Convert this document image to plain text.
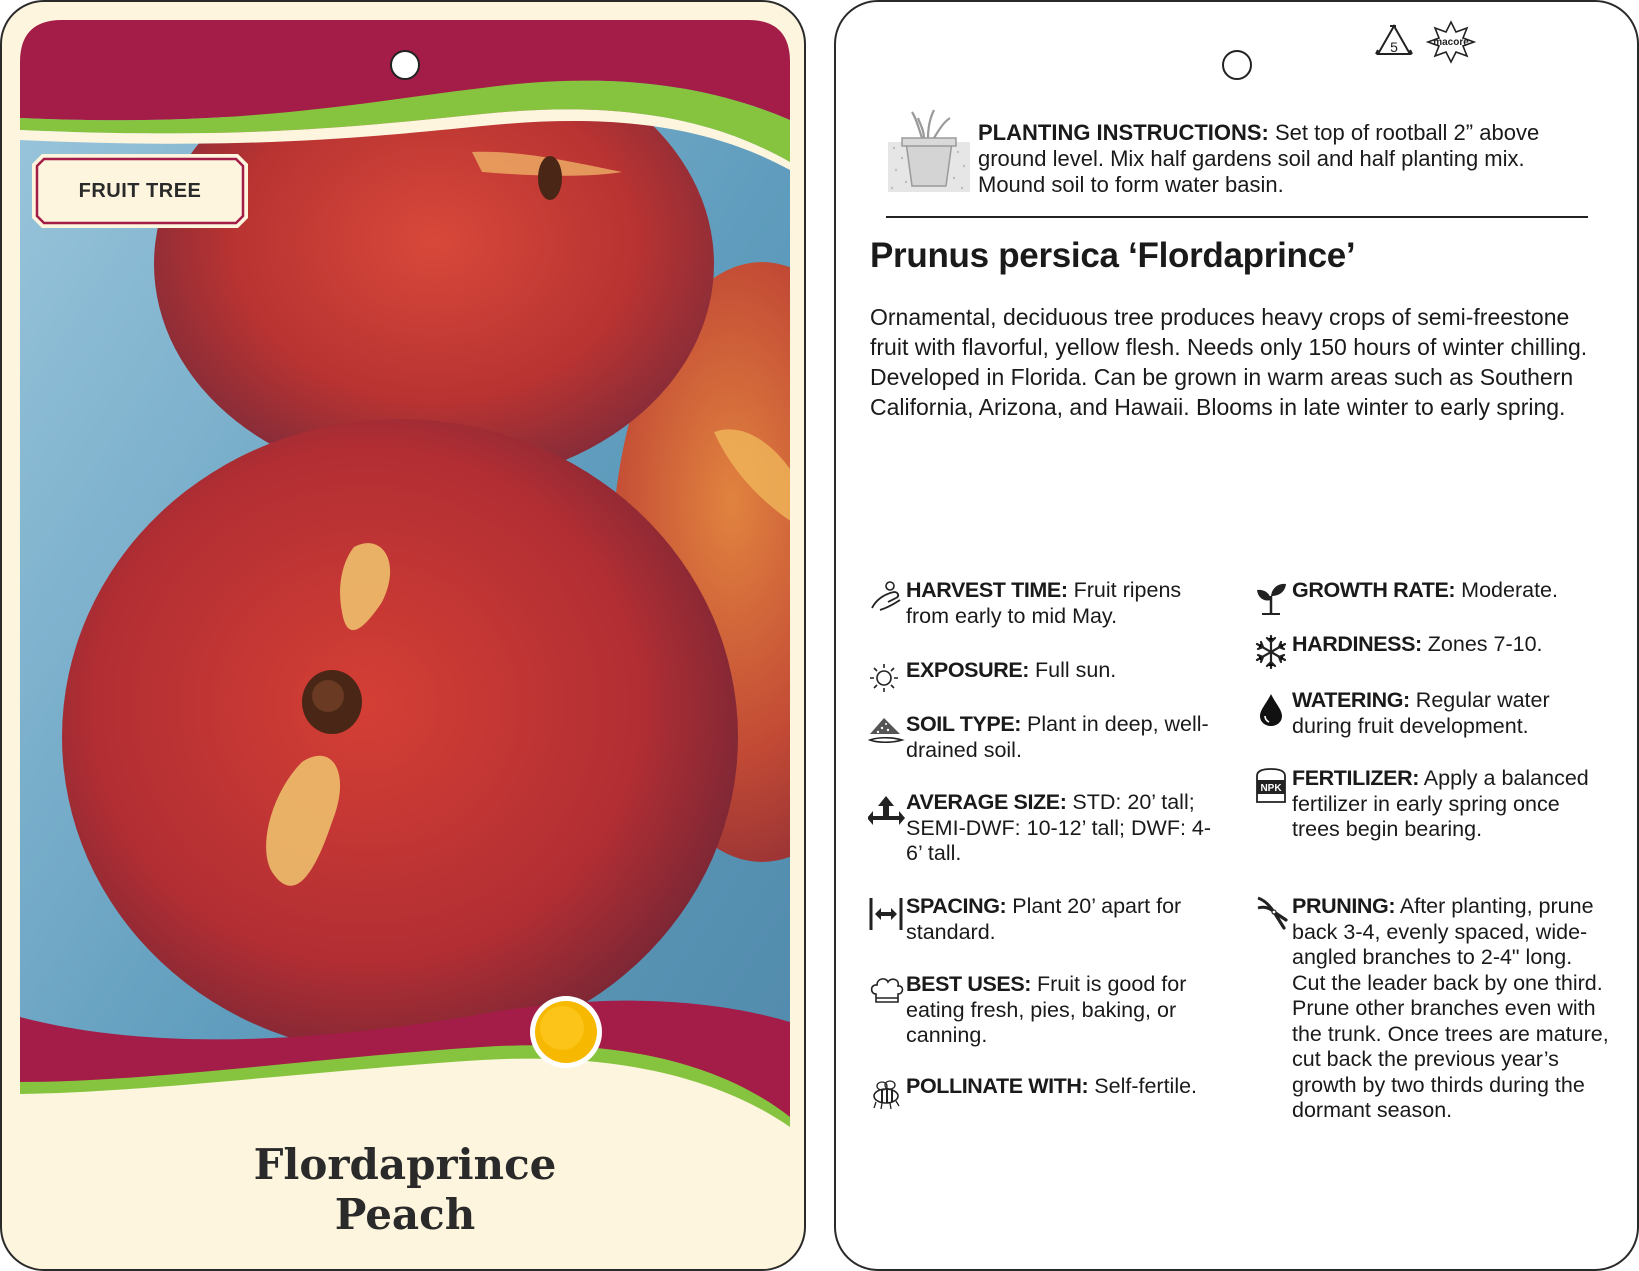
FRUIT TREE

Flordaprince

Peach

5	macore
PLANTING INSTRUCTIONS: Set top of rootball 2” above ground level. Mix half gardens soil and half planting mix. Mound soil to form water basin.
Prunus persica ‘Flordaprince’

Ornamental, deciduous tree produces heavy crops of semi-freestone fruit with flavorful, yellow flesh. Needs only 150 hours of winter chilling. Developed in Florida. Can be grown in warm areas such as Southern California, Arizona, and Hawaii. Blooms in late winter to early spring.

HARVEST TIME: Fruit ripens from early to mid May.
EXPOSURE: Full sun.
SOIL TYPE: Plant in deep, well-drained soil.
AVERAGE SIZE: STD: 20’ tall; SEMI-DWF: 10-12’ tall; DWF: 4-6’ tall.
SPACING: Plant 20’ apart for standard.
BEST USES: Fruit is good for eating fresh, pies, baking, or canning.
POLLINATE WITH: Self-fertile.
GROWTH RATE: Moderate.
HARDINESS: Zones 7-10.
WATERING: Regular water during fruit development.
NPK FERTILIZER: Apply a balanced fertilizer in early spring once trees begin bearing.
PRUNING: After planting, prune back 3-4, evenly spaced, wide-angled branches to 2-4" long. Cut the leader back by one third. Prune other branches even with the trunk. Once trees are mature, cut back the previous year’s growth by two thirds during the dormant season.
